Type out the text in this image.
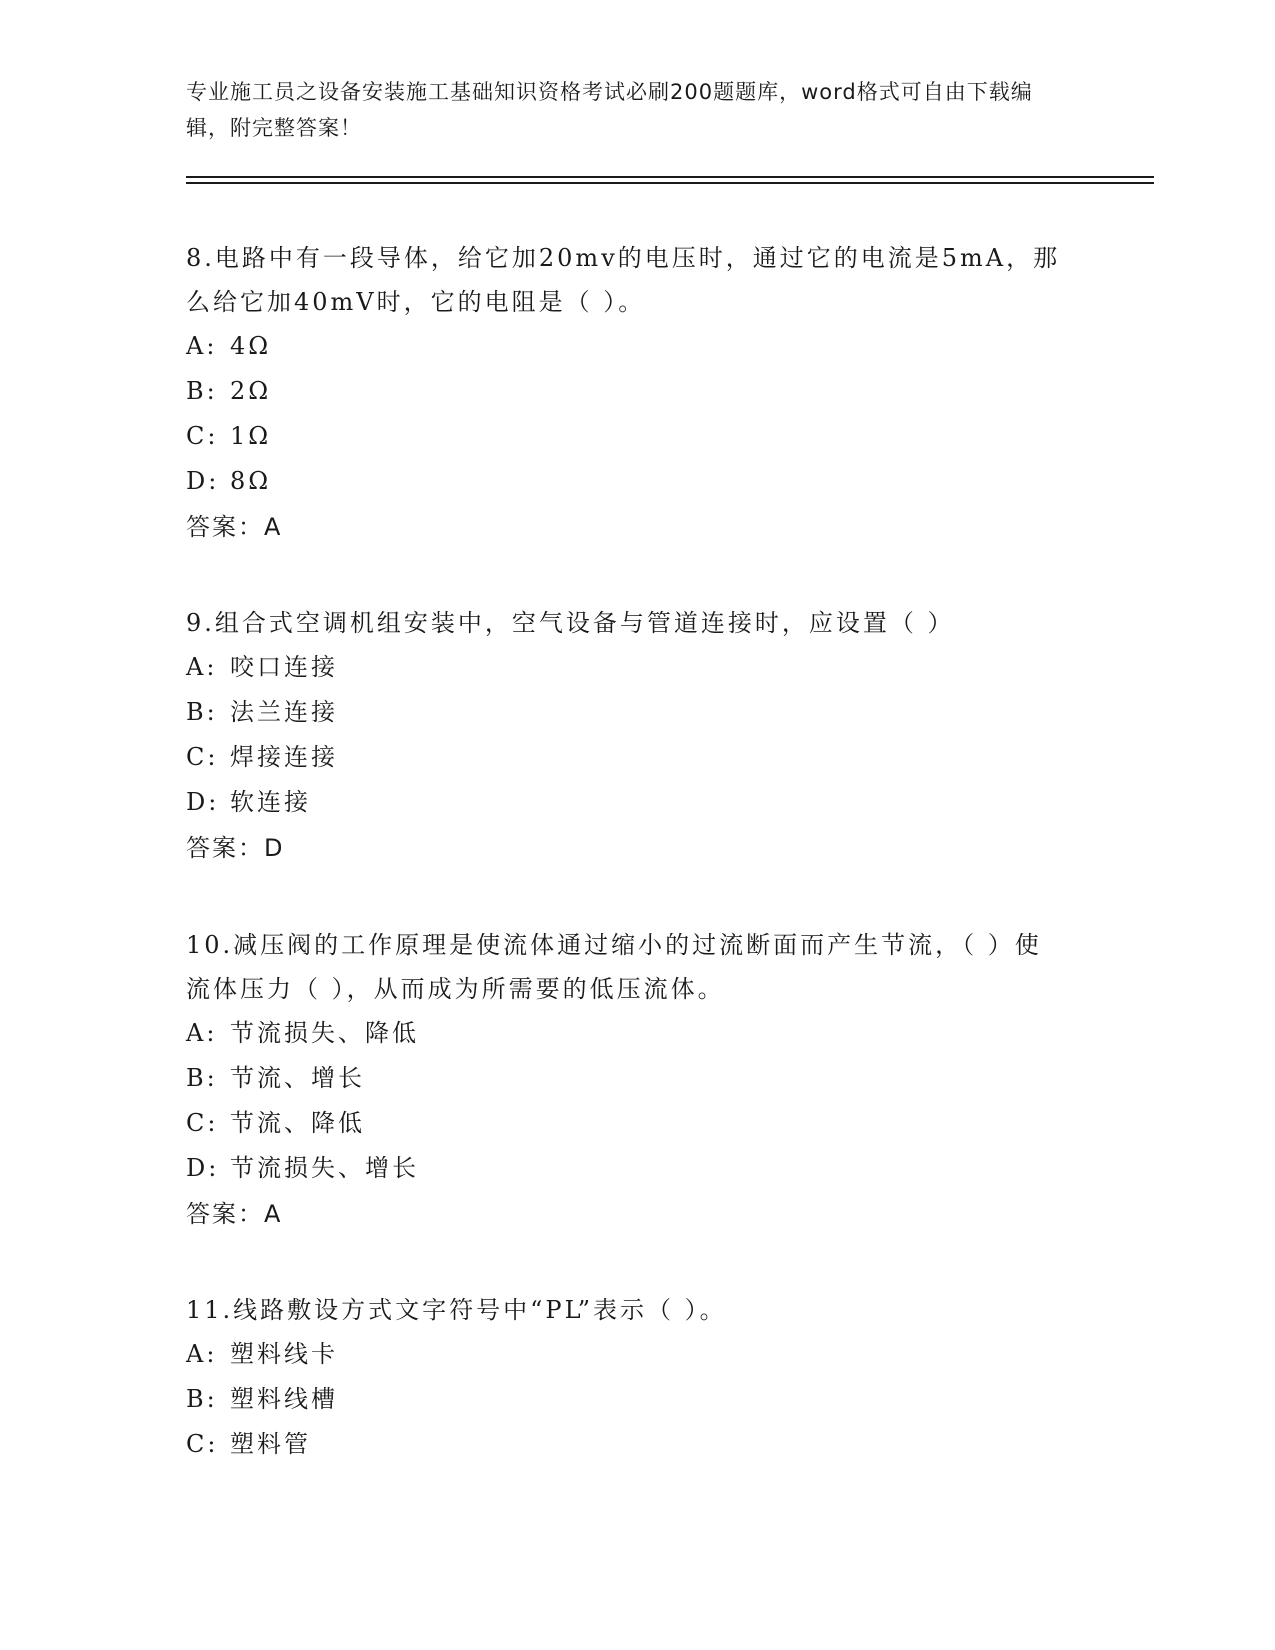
专业施工员之设备安装施工基础知识资格考试必刷200题题库，word格式可自由下载编辑，附完整答案！

8.电路中有一段导体，给它加20mv的电压时，通过它的电流是5mA，那么给它加40mV时，它的电阻是（ ）。

A: 4Ω

B: 2Ω

C: 1Ω

D: 8Ω

答案：A

9.组合式空调机组安装中，空气设备与管道连接时，应设置（ ）

A: 咬口连接

B: 法兰连接

C: 焊接连接

D: 软连接

答案：D

10.减压阀的工作原理是使流体通过缩小的过流断面而产生节流，（ ）使流体压力（ ），从而成为所需要的低压流体。

A: 节流损失、降低

B: 节流、增长

C: 节流、降低

D: 节流损失、增长

答案：A

11.线路敷设方式文字符号中“PL”表示（ ）。

A: 塑料线卡

B: 塑料线槽

C: 塑料管
